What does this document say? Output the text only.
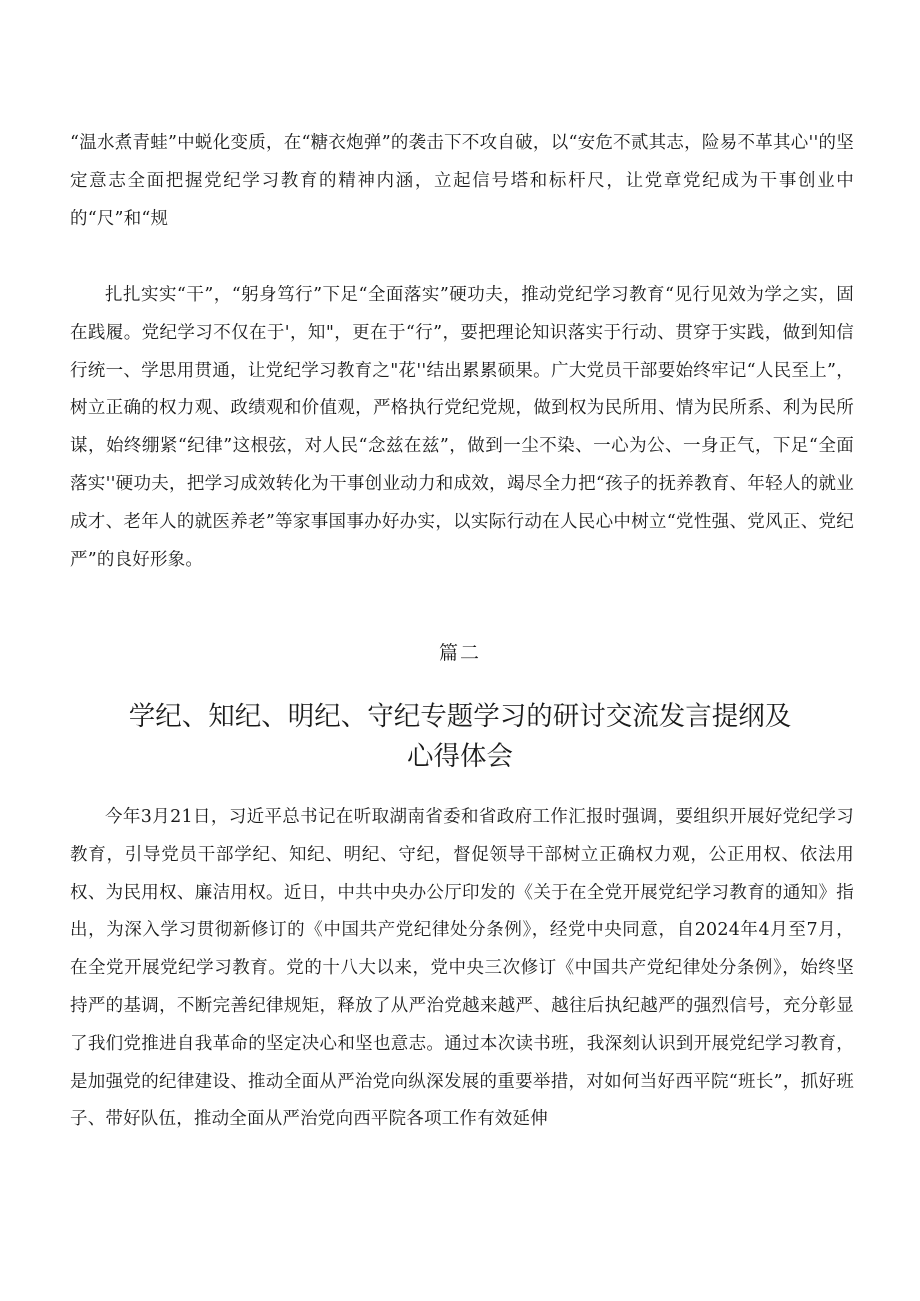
“温水煮青蛙”中蜕化变质，在“糖衣炮弹”的袭击下不攻自破，以“安危不贰其志，险易不革其心''的坚定意志全面把握党纪学习教育的精神内涵，立起信号塔和标杆尺，让党章党纪成为干事创业中的“尺”和“规

扎扎实实“干”，“躬身笃行”下足“全面落实”硬功夫，推动党纪学习教育“见行见效为学之实，固在践履。党纪学习不仅在于'，知"，更在于“行”，要把理论知识落实于行动、贯穿于实践，做到知信行统一、学思用贯通，让党纪学习教育之"花''结出累累硕果。广大党员干部要始终牢记“人民至上”，树立正确的权力观、政绩观和价值观，严格执行党纪党规，做到权为民所用、情为民所系、利为民所谋，始终绷紧“纪律”这根弦，对人民“念兹在兹”，做到一尘不染、一心为公、一身正气，下足“全面落实''硬功夫，把学习成效转化为干事创业动力和成效，竭尽全力把“孩子的抚养教育、年轻人的就业成才、老年人的就医养老”等家事国事办好办实，以实际行动在人民心中树立“党性强、党风正、党纪严”的良好形象。

篇二
学纪、知纪、明纪、守纪专题学习的研讨交流发言提纲及
心得体会

今年3月21日，习近平总书记在听取湖南省委和省政府工作汇报时强调，要组织开展好党纪学习教育，引导党员干部学纪、知纪、明纪、守纪，督促领导干部树立正确权力观，公正用权、依法用权、为民用权、廉洁用权。近日，中共中央办公厅印发的《关于在全党开展党纪学习教育的通知》指出，为深入学习贯彻新修订的《中国共产党纪律处分条例》，经党中央同意，自2024年4月至7月，在全党开展党纪学习教育。党的十八大以来，党中央三次修订《中国共产党纪律处分条例》，始终坚持严的基调，不断完善纪律规矩，释放了从严治党越来越严、越往后执纪越严的强烈信号，充分彰显了我们党推进自我革命的坚定决心和坚也意志。通过本次读书班，我深刻认识到开展党纪学习教育，是加强党的纪律建设、推动全面从严治党向纵深发展的重要举措，对如何当好西平院“班长”，抓好班子、带好队伍，推动全面从严治党向西平院各项工作有效延伸
